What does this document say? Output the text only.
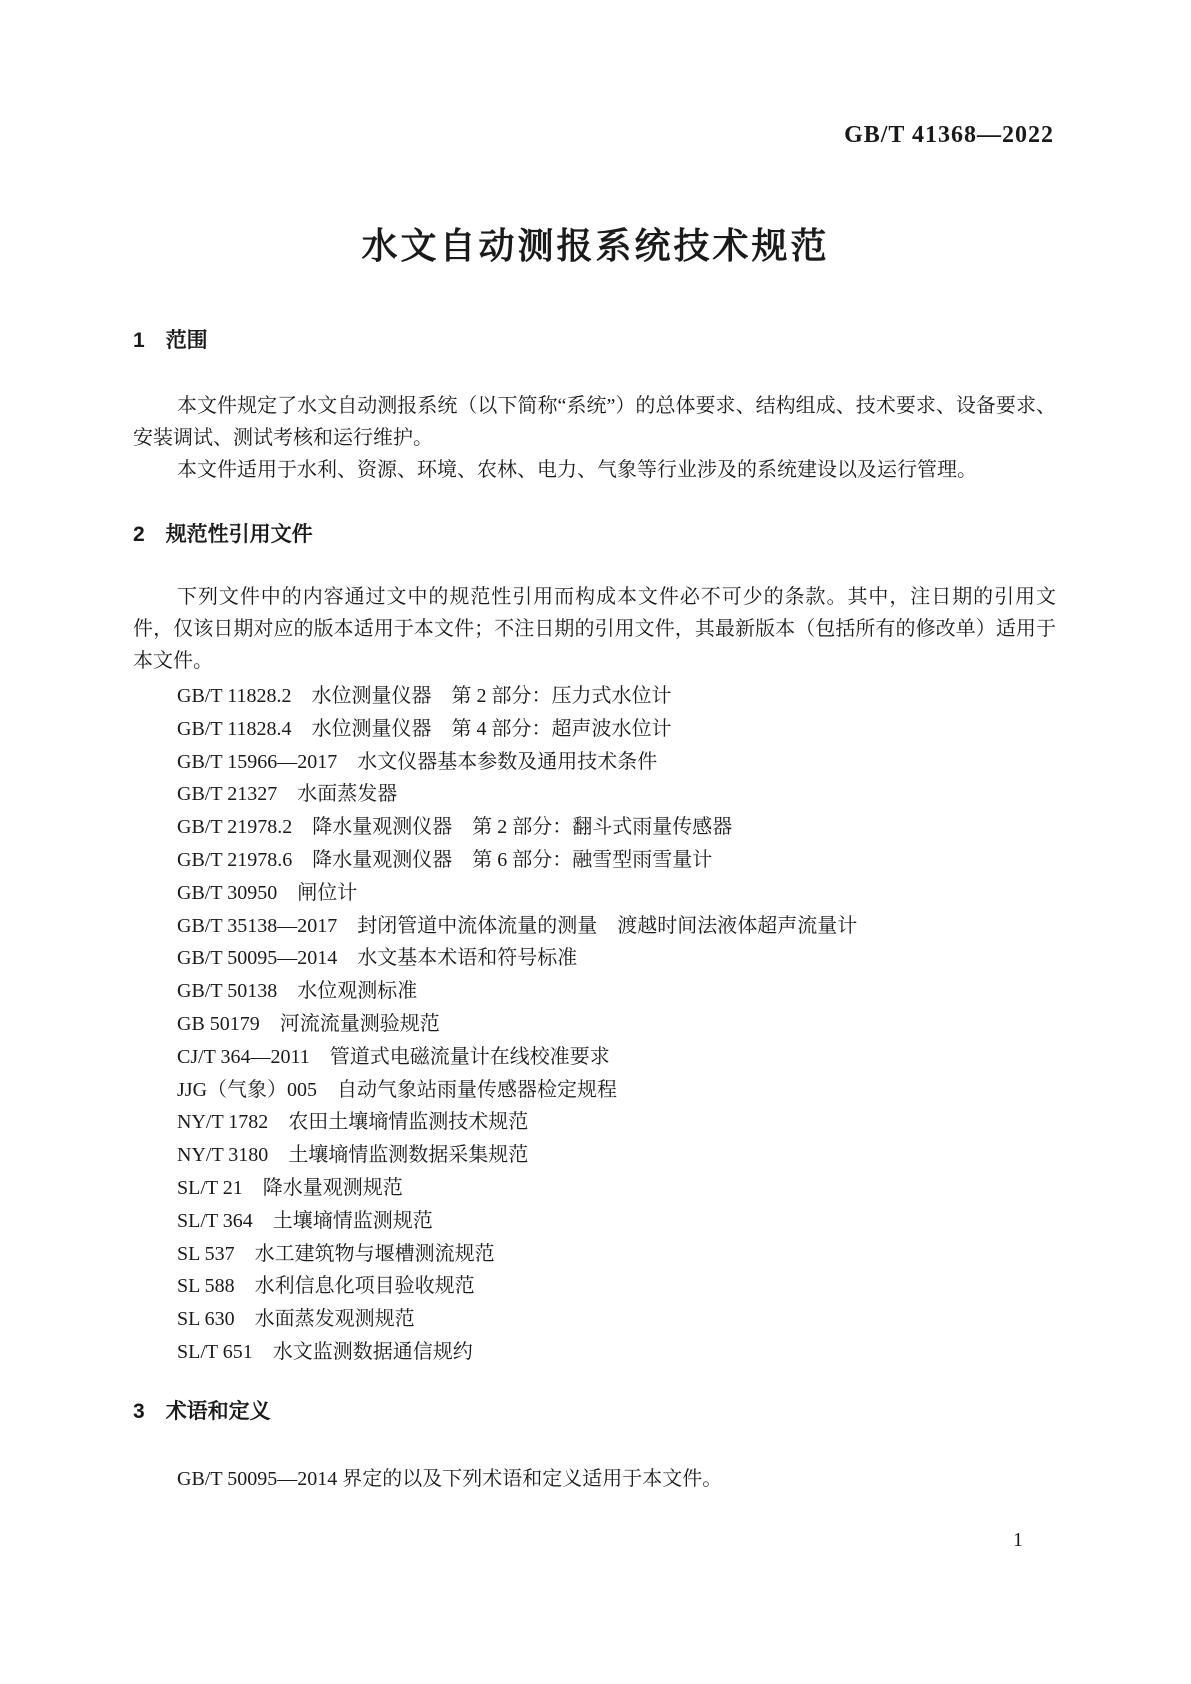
GB/T 41368—2022
水文自动测报系统技术规范
1 范围

本文件规定了水文自动测报系统（以下简称“系统”）的总体要求、结构组成、技术要求、设备要求、安装调试、测试考核和运行维护。

本文件适用于水利、资源、环境、农林、电力、气象等行业涉及的系统建设以及运行管理。

2 规范性引用文件

下列文件中的内容通过文中的规范性引用而构成本文件必不可少的条款。其中，注日期的引用文件，仅该日期对应的版本适用于本文件；不注日期的引用文件，其最新版本（包括所有的修改单）适用于本文件。

GB/T 11828.2 水位测量仪器　第 2 部分：压力式水位计
GB/T 11828.4 水位测量仪器　第 4 部分：超声波水位计
GB/T 15966—2017 水文仪器基本参数及通用技术条件
GB/T 21327 水面蒸发器
GB/T 21978.2 降水量观测仪器　第 2 部分：翻斗式雨量传感器
GB/T 21978.6 降水量观测仪器　第 6 部分：融雪型雨雪量计
GB/T 30950 闸位计
GB/T 35138—2017 封闭管道中流体流量的测量　渡越时间法液体超声流量计
GB/T 50095—2014 水文基本术语和符号标准
GB/T 50138 水位观测标准
GB 50179 河流流量测验规范
CJ/T 364—2011 管道式电磁流量计在线校准要求
JJG（气象）005 自动气象站雨量传感器检定规程
NY/T 1782 农田土壤墒情监测技术规范
NY/T 3180 土壤墒情监测数据采集规范
SL/T 21 降水量观测规范
SL/T 364 土壤墒情监测规范
SL 537 水工建筑物与堰槽测流规范
SL 588 水利信息化项目验收规范
SL 630 水面蒸发观测规范
SL/T 651 水文监测数据通信规约
3 术语和定义

GB/T 50095—2014 界定的以及下列术语和定义适用于本文件。

1
